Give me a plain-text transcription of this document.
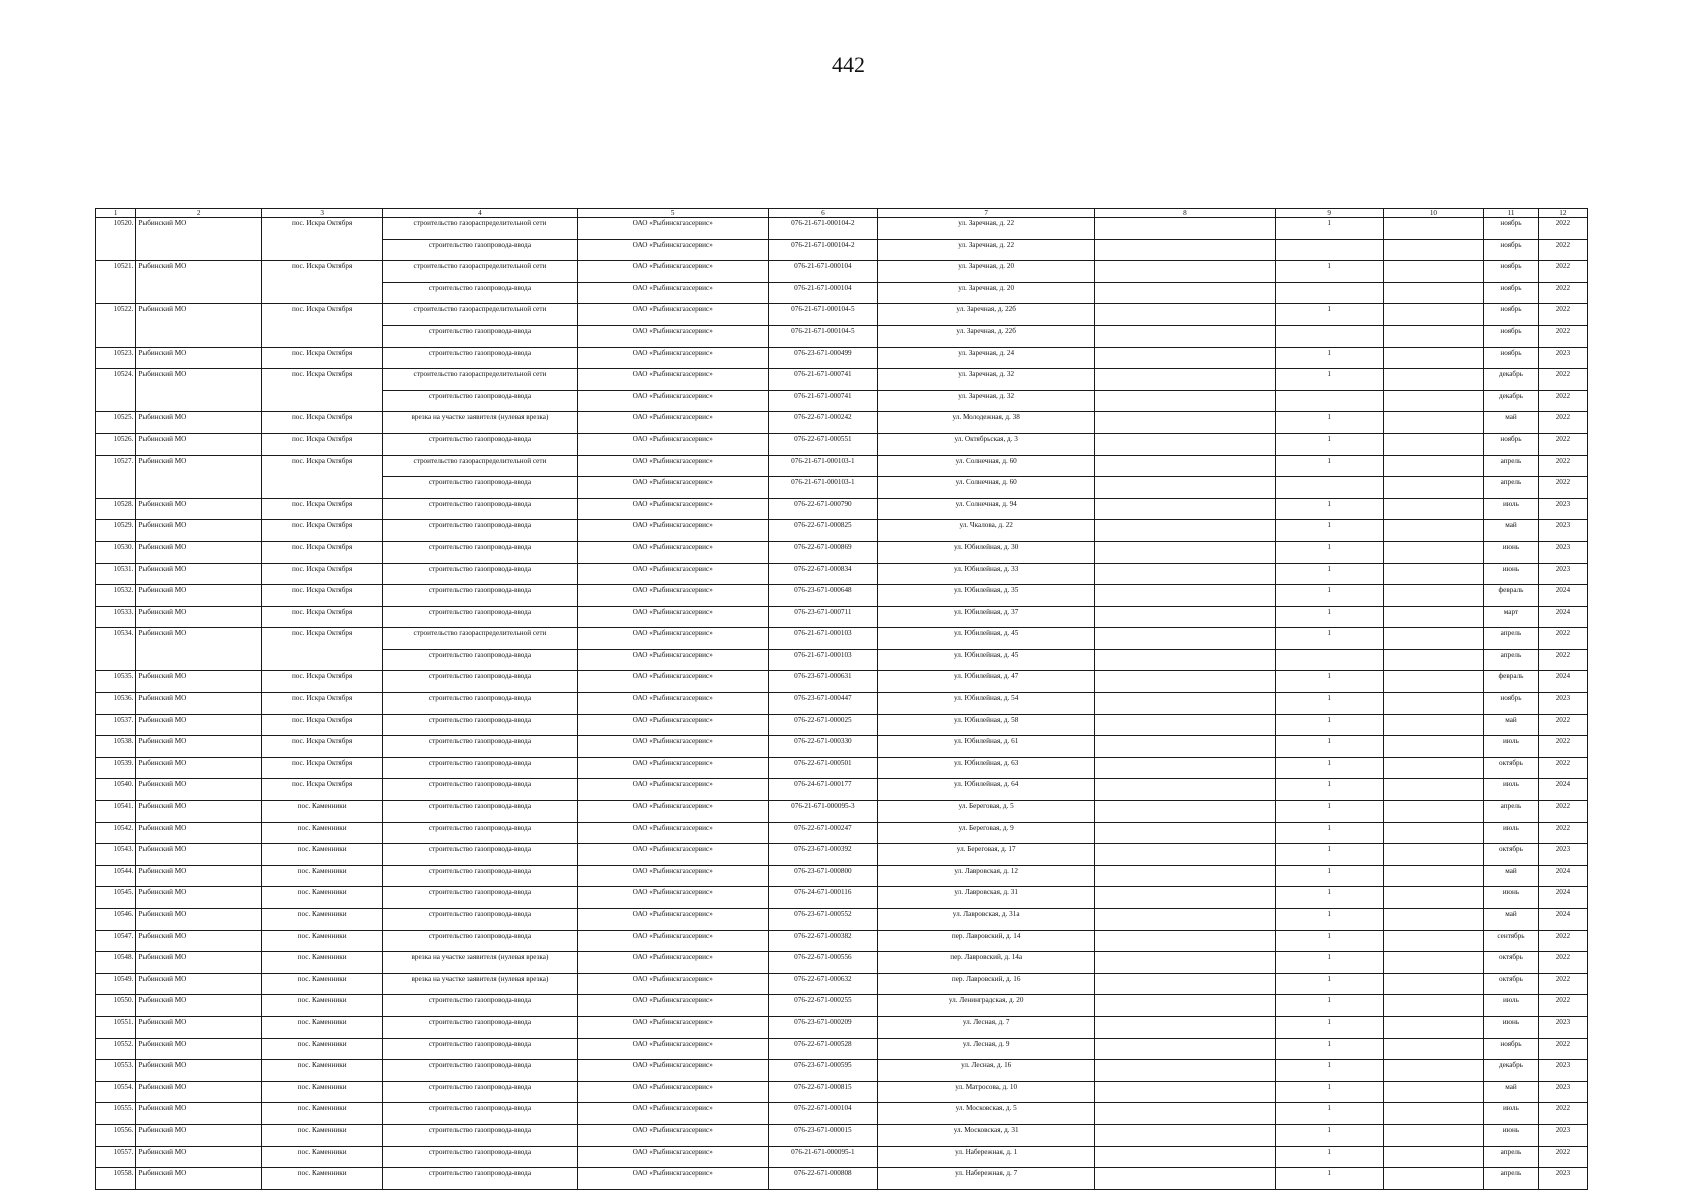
442
1	2	3	4	5	6	7	8	9	10	11	12
10520.	Рыбинский МО	пос. Искра Октября	строительство газораспределительной сети	ОАО «Рыбинскгазсервис»	076-21-671-000104-2	ул. Заречная, д. 22		1		ноябрь	2022
			строительство газопровода-ввода	ОАО «Рыбинскгазсервис»	076-21-671-000104-2	ул. Заречная, д. 22				ноябрь	2022
10521.	Рыбинский МО	пос. Искра Октября	строительство газораспределительной сети	ОАО «Рыбинскгазсервис»	076-21-671-000104	ул. Заречная, д. 20		1		ноябрь	2022
			строительство газопровода-ввода	ОАО «Рыбинскгазсервис»	076-21-671-000104	ул. Заречная, д. 20				ноябрь	2022
10522.	Рыбинский МО	пос. Искра Октября	строительство газораспределительной сети	ОАО «Рыбинскгазсервис»	076-21-671-000104-5	ул. Заречная, д. 22б		1		ноябрь	2022
			строительство газопровода-ввода	ОАО «Рыбинскгазсервис»	076-21-671-000104-5	ул. Заречная, д. 22б				ноябрь	2022
10523.	Рыбинский МО	пос. Искра Октября	строительство газопровода-ввода	ОАО «Рыбинскгазсервис»	076-23-671-000499	ул. Заречная, д. 24		1		ноябрь	2023
10524.	Рыбинский МО	пос. Искра Октября	строительство газораспределительной сети	ОАО «Рыбинскгазсервис»	076-21-671-000741	ул. Заречная, д. 32		1		декабрь	2022
			строительство газопровода-ввода	ОАО «Рыбинскгазсервис»	076-21-671-000741	ул. Заречная, д. 32				декабрь	2022
10525.	Рыбинский МО	пос. Искра Октября	врезка на участке заявителя (нулевая врезка)	ОАО «Рыбинскгазсервис»	076-22-671-000242	ул. Молодежная, д. 38		1		май	2022
10526.	Рыбинский МО	пос. Искра Октября	строительство газопровода-ввода	ОАО «Рыбинскгазсервис»	076-22-671-000551	ул. Октябрьская, д. 3		1		ноябрь	2022
10527.	Рыбинский МО	пос. Искра Октября	строительство газораспределительной сети	ОАО «Рыбинскгазсервис»	076-21-671-000103-1	ул. Солнечная, д. 60		1		апрель	2022
			строительство газопровода-ввода	ОАО «Рыбинскгазсервис»	076-21-671-000103-1	ул. Солнечная, д. 60				апрель	2022
10528.	Рыбинский МО	пос. Искра Октября	строительство газопровода-ввода	ОАО «Рыбинскгазсервис»	076-22-671-000790	ул. Солнечная, д. 94		1		июль	2023
10529.	Рыбинский МО	пос. Искра Октября	строительство газопровода-ввода	ОАО «Рыбинскгазсервис»	076-22-671-000825	ул. Чкалова, д. 22		1		май	2023
10530.	Рыбинский МО	пос. Искра Октября	строительство газопровода-ввода	ОАО «Рыбинскгазсервис»	076-22-671-000869	ул. Юбилейная, д. 30		1		июнь	2023
10531.	Рыбинский МО	пос. Искра Октября	строительство газопровода-ввода	ОАО «Рыбинскгазсервис»	076-22-671-000834	ул. Юбилейная, д. 33		1		июнь	2023
10532.	Рыбинский МО	пос. Искра Октября	строительство газопровода-ввода	ОАО «Рыбинскгазсервис»	076-23-671-000648	ул. Юбилейная, д. 35		1		февраль	2024
10533.	Рыбинский МО	пос. Искра Октября	строительство газопровода-ввода	ОАО «Рыбинскгазсервис»	076-23-671-000711	ул. Юбилейная, д. 37		1		март	2024
10534.	Рыбинский МО	пос. Искра Октября	строительство газораспределительной сети	ОАО «Рыбинскгазсервис»	076-21-671-000103	ул. Юбилейная, д. 45		1		апрель	2022
			строительство газопровода-ввода	ОАО «Рыбинскгазсервис»	076-21-671-000103	ул. Юбилейная, д. 45				апрель	2022
10535.	Рыбинский МО	пос. Искра Октября	строительство газопровода-ввода	ОАО «Рыбинскгазсервис»	076-23-671-000631	ул. Юбилейная, д. 47		1		февраль	2024
10536.	Рыбинский МО	пос. Искра Октября	строительство газопровода-ввода	ОАО «Рыбинскгазсервис»	076-23-671-000447	ул. Юбилейная, д. 54		1		ноябрь	2023
10537.	Рыбинский МО	пос. Искра Октября	строительство газопровода-ввода	ОАО «Рыбинскгазсервис»	076-22-671-000025	ул. Юбилейная, д. 58		1		май	2022
10538.	Рыбинский МО	пос. Искра Октября	строительство газопровода-ввода	ОАО «Рыбинскгазсервис»	076-22-671-000330	ул. Юбилейная, д. 61		1		июль	2022
10539.	Рыбинский МО	пос. Искра Октября	строительство газопровода-ввода	ОАО «Рыбинскгазсервис»	076-22-671-000501	ул. Юбилейная, д. 63		1		октябрь	2022
10540.	Рыбинский МО	пос. Искра Октября	строительство газопровода-ввода	ОАО «Рыбинскгазсервис»	076-24-671-000177	ул. Юбилейная, д. 64		1		июль	2024
10541.	Рыбинский МО	пос. Каменники	строительство газопровода-ввода	ОАО «Рыбинскгазсервис»	076-21-671-000095-3	ул. Береговая, д. 5		1		апрель	2022
10542.	Рыбинский МО	пос. Каменники	строительство газопровода-ввода	ОАО «Рыбинскгазсервис»	076-22-671-000247	ул. Береговая, д. 9		1		июль	2022
10543.	Рыбинский МО	пос. Каменники	строительство газопровода-ввода	ОАО «Рыбинскгазсервис»	076-23-671-000392	ул. Береговая, д. 17		1		октябрь	2023
10544.	Рыбинский МО	пос. Каменники	строительство газопровода-ввода	ОАО «Рыбинскгазсервис»	076-23-671-000800	ул. Лавровская, д. 12		1		май	2024
10545.	Рыбинский МО	пос. Каменники	строительство газопровода-ввода	ОАО «Рыбинскгазсервис»	076-24-671-000116	ул. Лавровская, д. 31		1		июнь	2024
10546.	Рыбинский МО	пос. Каменники	строительство газопровода-ввода	ОАО «Рыбинскгазсервис»	076-23-671-000552	ул. Лавровская, д. 31а		1		май	2024
10547.	Рыбинский МО	пос. Каменники	строительство газопровода-ввода	ОАО «Рыбинскгазсервис»	076-22-671-000382	пер. Лавровский, д. 14		1		сентябрь	2022
10548.	Рыбинский МО	пос. Каменники	врезка на участке заявителя (нулевая врезка)	ОАО «Рыбинскгазсервис»	076-22-671-000556	пер. Лавровский, д. 14а		1		октябрь	2022
10549.	Рыбинский МО	пос. Каменники	врезка на участке заявителя (нулевая врезка)	ОАО «Рыбинскгазсервис»	076-22-671-000632	пер. Лавровский, д. 16		1		октябрь	2022
10550.	Рыбинский МО	пос. Каменники	строительство газопровода-ввода	ОАО «Рыбинскгазсервис»	076-22-671-000255	ул. Ленинградская, д. 20		1		июль	2022
10551.	Рыбинский МО	пос. Каменники	строительство газопровода-ввода	ОАО «Рыбинскгазсервис»	076-23-671-000209	ул. Лесная, д. 7		1		июнь	2023
10552.	Рыбинский МО	пос. Каменники	строительство газопровода-ввода	ОАО «Рыбинскгазсервис»	076-22-671-000528	ул. Лесная, д. 9		1		ноябрь	2022
10553.	Рыбинский МО	пос. Каменники	строительство газопровода-ввода	ОАО «Рыбинскгазсервис»	076-23-671-000595	ул. Лесная, д. 16		1		декабрь	2023
10554.	Рыбинский МО	пос. Каменники	строительство газопровода-ввода	ОАО «Рыбинскгазсервис»	076-22-671-000815	ул. Матросова, д. 10		1		май	2023
10555.	Рыбинский МО	пос. Каменники	строительство газопровода-ввода	ОАО «Рыбинскгазсервис»	076-22-671-000104	ул. Московская, д. 5		1		июль	2022
10556.	Рыбинский МО	пос. Каменники	строительство газопровода-ввода	ОАО «Рыбинскгазсервис»	076-23-671-000015	ул. Московская, д. 31		1		июнь	2023
10557.	Рыбинский МО	пос. Каменники	строительство газопровода-ввода	ОАО «Рыбинскгазсервис»	076-21-671-000095-1	ул. Набережная, д. 1		1		апрель	2022
10558.	Рыбинский МО	пос. Каменники	строительство газопровода-ввода	ОАО «Рыбинскгазсервис»	076-22-671-000808	ул. Набережная, д. 7		1		апрель	2023
